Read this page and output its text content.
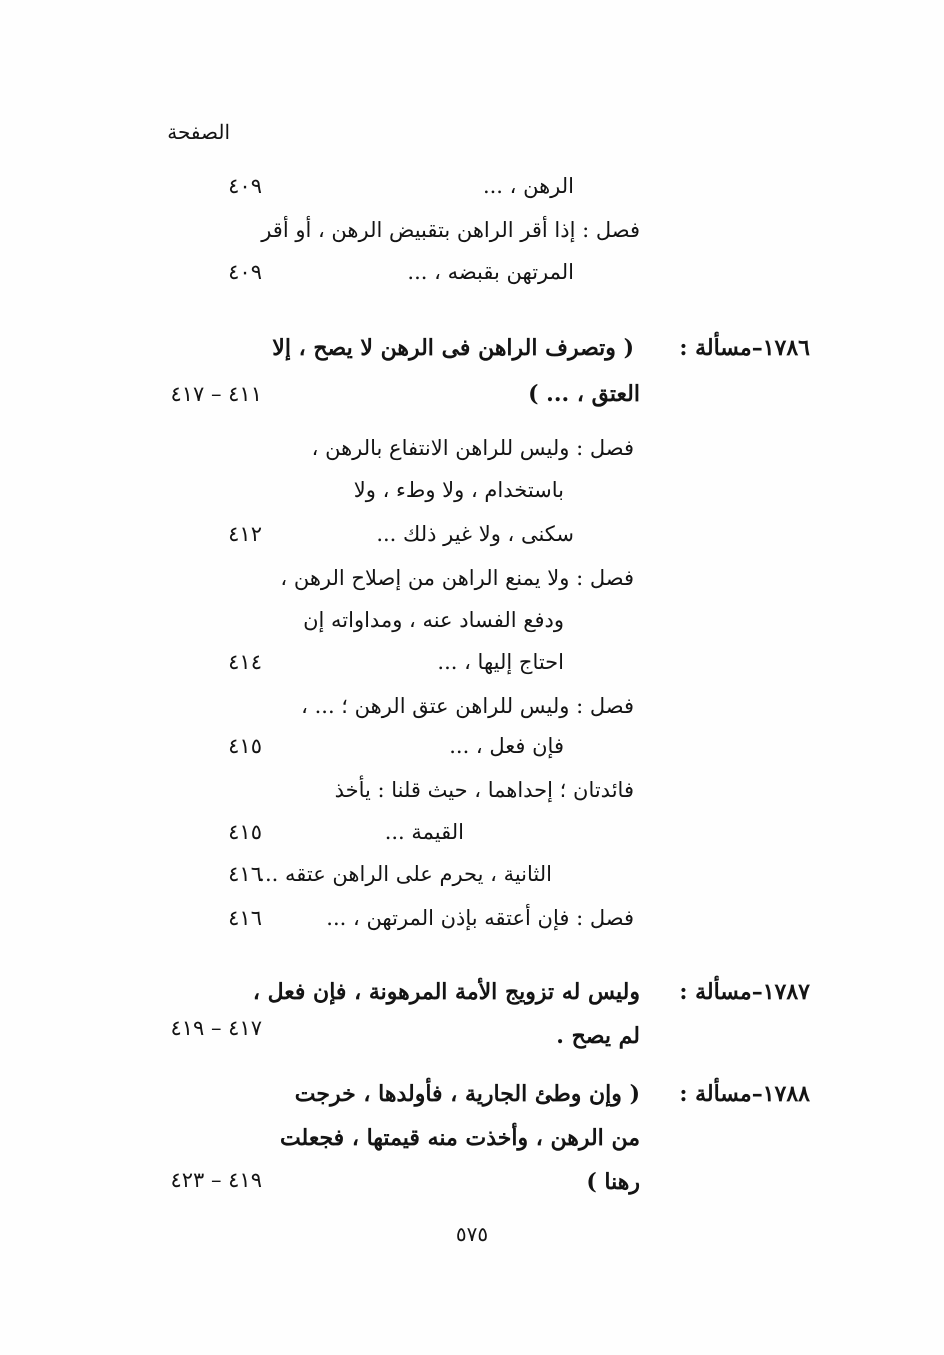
الصفحة
الرهن ، ...
٤٠٩
فصل : إذا أقر الراهن بتقبيض الرهن ، أو أقر
المرتهن بقبضه ، ...
٤٠٩
١٧٨٦–مسألة :
( وتصرف الراهن فى الرهن لا يصح ، إلا
العتق ، ... )
٤١١ – ٤١٧
فصل : وليس للراهن الانتفاع بالرهن ،
باستخدام ، ولا وطء ، ولا
سكنى ، ولا غير ذلك ...
٤١٢
فصل : ولا يمنع الراهن من إصلاح الرهن ،
ودفع الفساد عنه ، ومداواته إن
احتاج إليها ، ...
٤١٤
فصل : وليس للراهن عتق الرهن ؛ ... ،
فإن فعل ، ...
٤١٥
فائدتان ؛ إحداهما ، حيث قلنا : يأخذ
القيمة ...
٤١٥
الثانية ، يحرم على الراهن عتقه ...
٤١٦
فصل : فإن أعتقه بإذن المرتهن ، ...
٤١٦
١٧٨٧–مسألة :
وليس له تزويج الأمة المرهونة ، فإن فعل ،
لم يصح .
٤١٧ – ٤١٩
١٧٨٨–مسألة :
( وإن وطئ الجارية ، فأولدها ، خرجت
من الرهن ، وأخذت منه قيمتها ، فجعلت
رهنا )
٤١٩ – ٤٢٣
٥٧٥
